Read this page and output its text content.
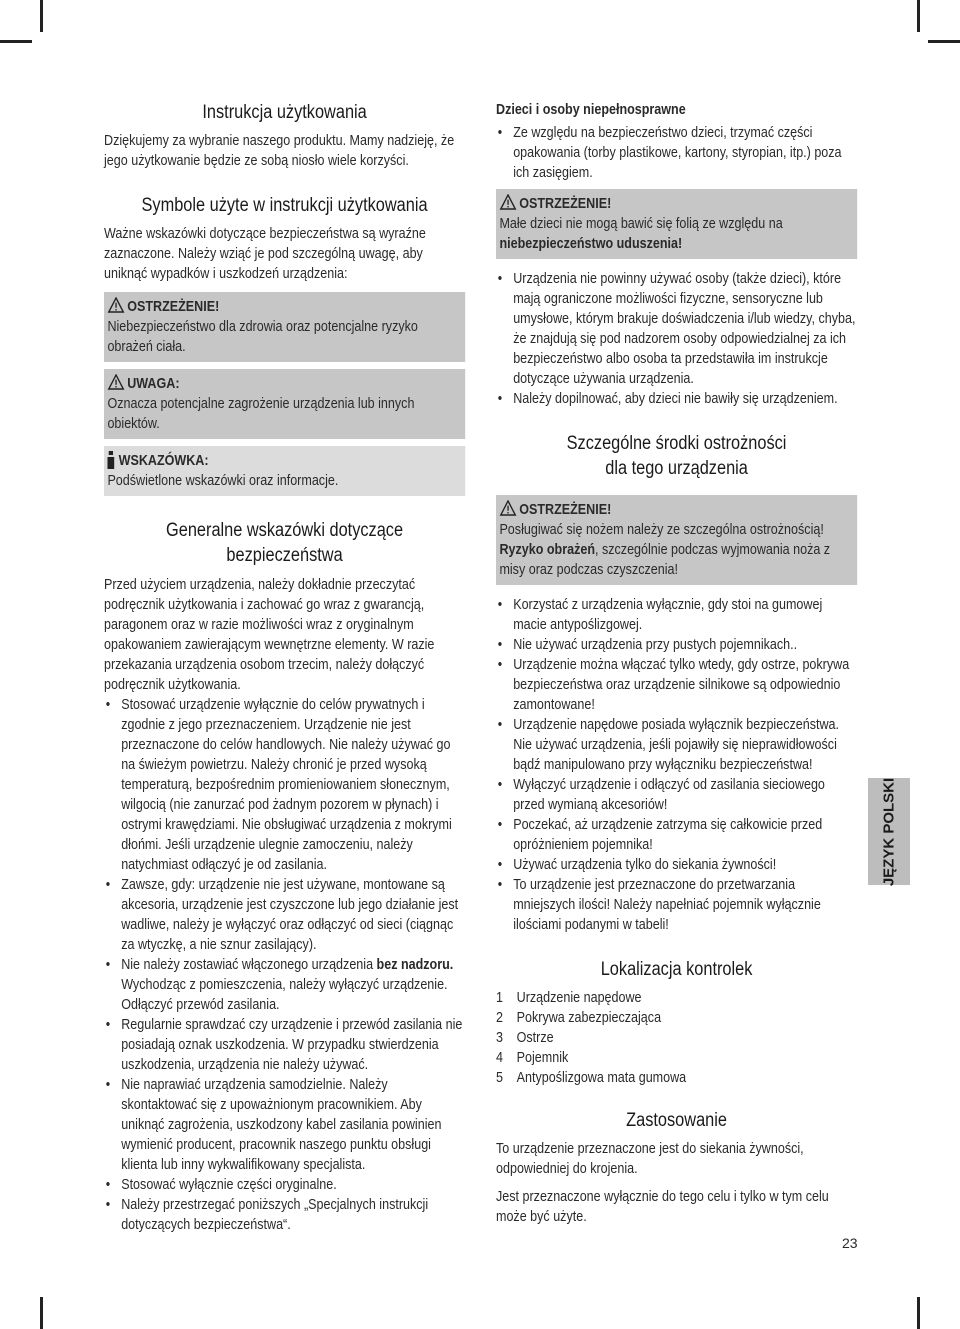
Instrukcja użytkowania

Dziękujemy za wybranie naszego produktu. Mamy nadzieję, że jego użytkowanie będzie ze sobą niosło wiele korzyści.

Symbole użyte w instrukcji użytkowania

Ważne wskazówki dotyczące bezpieczeństwa są wyraźne zaznaczone. Należy wziąć je pod szczególną uwagę, aby uniknąć wypadków i uszkodzeń urządzenia:

OSTRZEŻENIE!

Niebezpieczeństwo dla zdrowia oraz potencjalne ryzyko obrażeń ciała.

UWAGA:

Oznacza potencjalne zagrożenie urządzenia lub innych obiektów.

WSKAZÓWKA:

Podświetlone wskazówki oraz informacje.

Generalne wskazówki dotyczące
bezpieczeństwa

Przed użyciem urządzenia, należy dokładnie przeczytać podręcznik użytkowania i zachować go wraz z gwarancją, paragonem oraz w razie możliwości wraz z oryginalnym opakowaniem zawierającym wewnętrzne elementy. W razie przekazania urządzenia osobom trzecim, należy dołączyć podręcznik użytkowania.

• Stosować urządzenie wyłącznie do celów prywatnych i zgodnie z jego przeznaczeniem. Urządzenie nie jest przeznaczone do celów handlowych. Nie należy używać go na świeżym powietrzu. Należy chronić je przed wysoką temperaturą, bezpośrednim promieniowaniem słonecznym, wilgocią (nie zanurzać pod żadnym pozorem w płynach) i ostrymi krawędziami. Nie obsługiwać urządzenia z mokrymi dłońmi. Jeśli urządzenie ulegnie zamoczeniu, należy natychmiast odłączyć je od zasilania.
• Zawsze, gdy: urządzenie nie jest używane, montowane są akcesoria, urządzenie jest czyszczone lub jego działanie jest wadliwe, należy je wyłączyć oraz odłączyć od sieci (ciągnąc za wtyczkę, a nie sznur zasilający).
• Nie należy zostawiać włączonego urządzenia bez nadzoru. Wychodząc z pomieszczenia, należy wyłączyć urządzenie. Odłączyć przewód zasilania.
• Regularnie sprawdzać czy urządzenie i przewód zasilania nie posiadają oznak uszkodzenia. W przypadku stwierdzenia uszkodzenia, urządzenia nie należy używać.
• Nie naprawiać urządzenia samodzielnie. Należy skontaktować się z upoważnionym pracownikiem. Aby uniknąć zagrożenia, uszkodzony kabel zasilania powinien wymienić producent, pracownik naszego punktu obsługi klienta lub inny wykwalifikowany specjalista.
• Stosować wyłącznie części oryginalne.
• Należy przestrzegać poniższych „Specjalnych instrukcji dotyczących bezpieczeństwa“.

Dzieci i osoby niepełnosprawne

• Ze względu na bezpieczeństwo dzieci, trzymać części opakowania (torby plastikowe, kartony, styropian, itp.) poza ich zasięgiem.
OSTRZEŻENIE!

Małe dzieci nie mogą bawić się folią ze względu na niebezpieczeństwo uduszenia!

• Urządzenia nie powinny używać osoby (także dzieci), które mają ograniczone możliwości fizyczne, sensoryczne lub umysłowe, którym brakuje doświadczenia i/lub wiedzy, chyba, że znajdują się pod nadzorem osoby odpowiedzialnej za ich bezpieczeństwo albo osoba ta przedstawiła im instrukcje dotyczące używania urządzenia.
• Należy dopilnować, aby dzieci nie bawiły się urządzeniem.
Szczególne środki ostrożności
dla tego urządzenia
OSTRZEŻENIE!

Posługiwać się nożem należy ze szczególna ostrożnością!
Ryzyko obrażeń, szczególnie podczas wyjmowania noża z misy oraz podczas czyszczenia!

• Korzystać z urządzenia wyłącznie, gdy stoi na gumowej macie antypoślizgowej.
• Nie używać urządzenia przy pustych pojemnikach..
• Urządzenie można włączać tylko wtedy, gdy ostrze, pokrywa bezpieczeństwa oraz urządzenie silnikowe są odpowiednio zamontowane!
• Urządzenie napędowe posiada wyłącznik bezpieczeństwa. Nie używać urządzenia, jeśli pojawiły się nieprawidłowości bądź manipulowano przy wyłączniku bezpieczeństwa!
• Wyłączyć urządzenie i odłączyć od zasilania sieciowego przed wymianą akcesoriów!
• Poczekać, aż urządzenie zatrzyma się całkowicie przed opróżnieniem pojemnika!
• Używać urządzenia tylko do siekania żywności!
• To urządzenie jest przeznaczone do przetwarzania mniejszych ilości! Należy napełniać pojemnik wyłącznie ilościami podanymi w tabeli!
Lokalizacja kontrolek
1 Urządzenie napędowe
2 Pokrywa zabezpieczająca
3 Ostrze
4 Pojemnik
5 Antypoślizgowa mata gumowa
Zastosowanie

To urządzenie przeznaczone jest do siekania żywności, odpowiedniej do krojenia.

Jest przeznaczone wyłącznie do tego celu i tylko w tym celu może być użyte.

JĘZYK POLSKI
23
